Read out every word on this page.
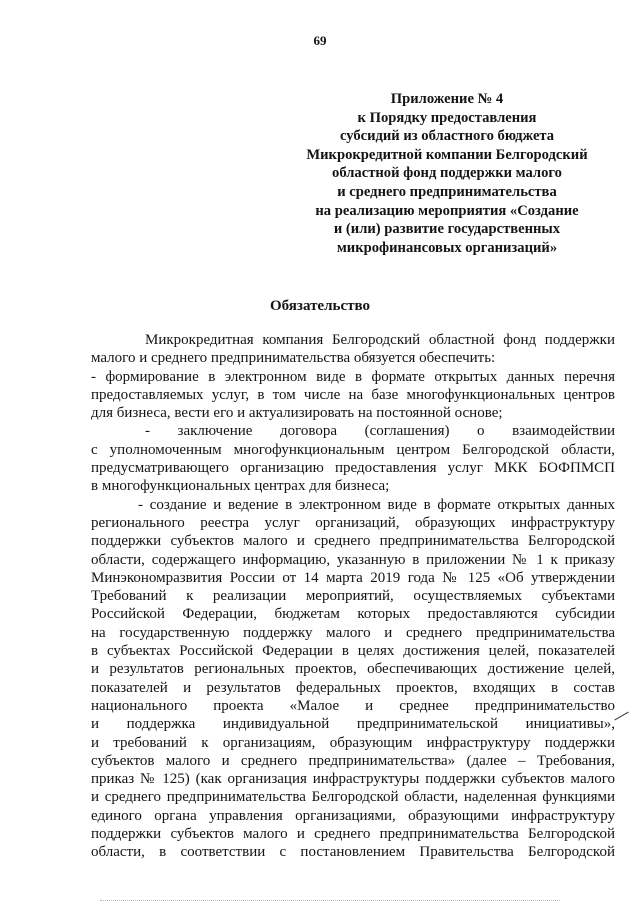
69
Приложение № 4
к Порядку предоставления
субсидий из областного бюджета
Микрокредитной компании Белгородский
областной фонд поддержки малого
и среднего предпринимательства
на реализацию мероприятия «Создание
и (или) развитие государственных
микрофинансовых организаций»
Обязательство
Микрокредитная компания Белгородский областной фонд поддержки
малого и среднего предпринимательства обязуется обеспечить:
- формирование в электронном виде в формате открытых данных перечня
предоставляемых услуг, в том числе на базе многофункциональных центров
для бизнеса, вести его и актуализировать на постоянной основе;
- заключение договора (соглашения) о взаимодействии
с уполномоченным многофункциональным центром Белгородской области,
предусматривающего организацию предоставления услуг МКК БОФПМСП
в многофункциональных центрах для бизнеса;
- создание и ведение в электронном виде в формате открытых данных
регионального реестра услуг организаций, образующих инфраструктуру
поддержки субъектов малого и среднего предпринимательства Белгородской
области, содержащего информацию, указанную в приложении № 1 к приказу
Минэкономразвития России от 14 марта 2019 года № 125 «Об утверждении
Требований к реализации мероприятий, осуществляемых субъектами
Российской Федерации, бюджетам которых предоставляются субсидии
на государственную поддержку малого и среднего предпринимательства
в субъектах Российской Федерации в целях достижения целей, показателей
и результатов региональных проектов, обеспечивающих достижение целей,
показателей и результатов федеральных проектов, входящих в состав
национального проекта «Малое и среднее предпринимательство
и поддержка индивидуальной предпринимательской инициативы»,
и требований к организациям, образующим инфраструктуру поддержки
субъектов малого и среднего предпринимательства» (далее – Требования,
приказ № 125) (как организация инфраструктуры поддержки субъектов малого
и среднего предпринимательства Белгородской области, наделенная функциями
единого органа управления организациями, образующими инфраструктуру
поддержки субъектов малого и среднего предпринимательства Белгородской
области, в соответствии с постановлением Правительства Белгородской
